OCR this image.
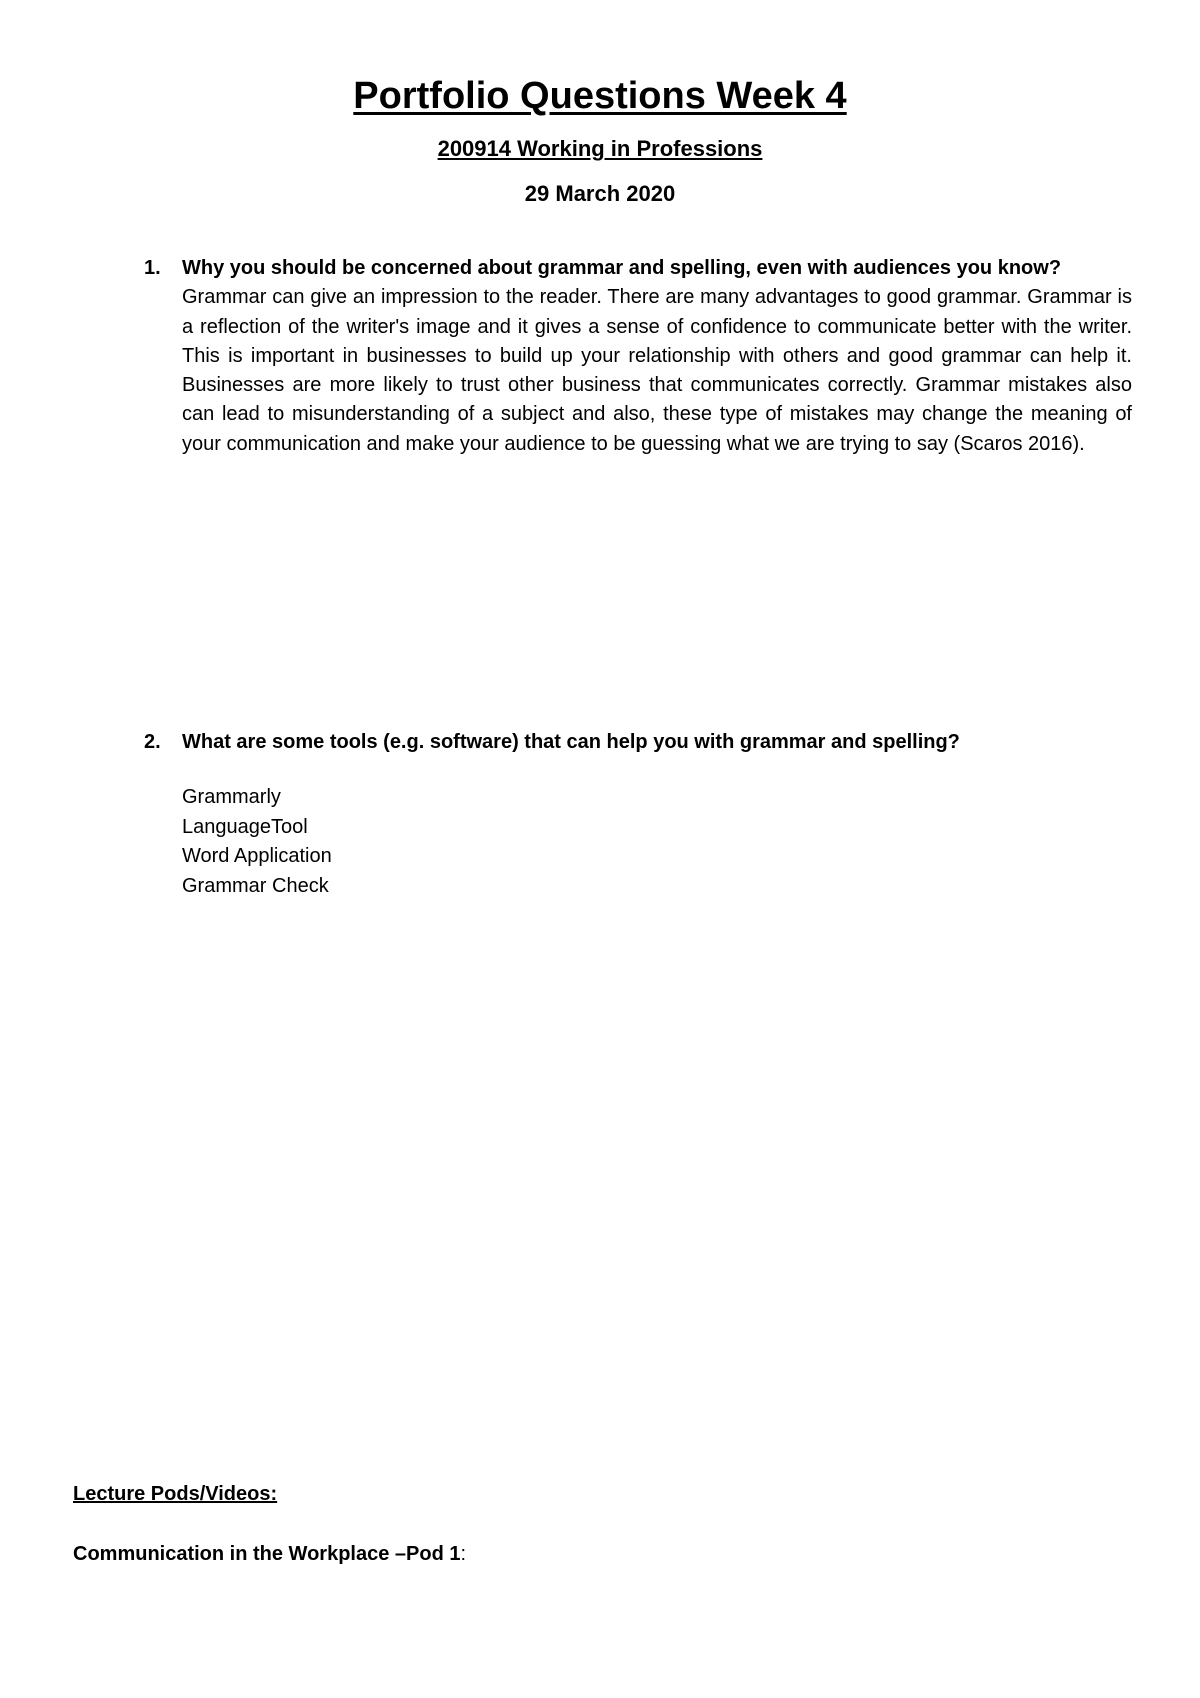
Portfolio Questions Week 4
200914 Working in Professions
29 March 2020
1. Why you should be concerned about grammar and spelling, even with audiences you know?

Grammar can give an impression to the reader. There are many advantages to good grammar. Grammar is a reflection of the writer's image and it gives a sense of confidence to communicate better with the writer. This is important in businesses to build up your relationship with others and good grammar can help it. Businesses are more likely to trust other business that communicates correctly. Grammar mistakes also can lead to misunderstanding of a subject and also, these type of mistakes may change the meaning of your communication and make your audience to be guessing what we are trying to say (Scaros 2016).

2. What are some tools (e.g. software) that can help you with grammar and spelling?

Grammarly
LanguageTool
Word Application
Grammar Check
Lecture Pods/Videos:
Communication in the Workplace –Pod 1:
